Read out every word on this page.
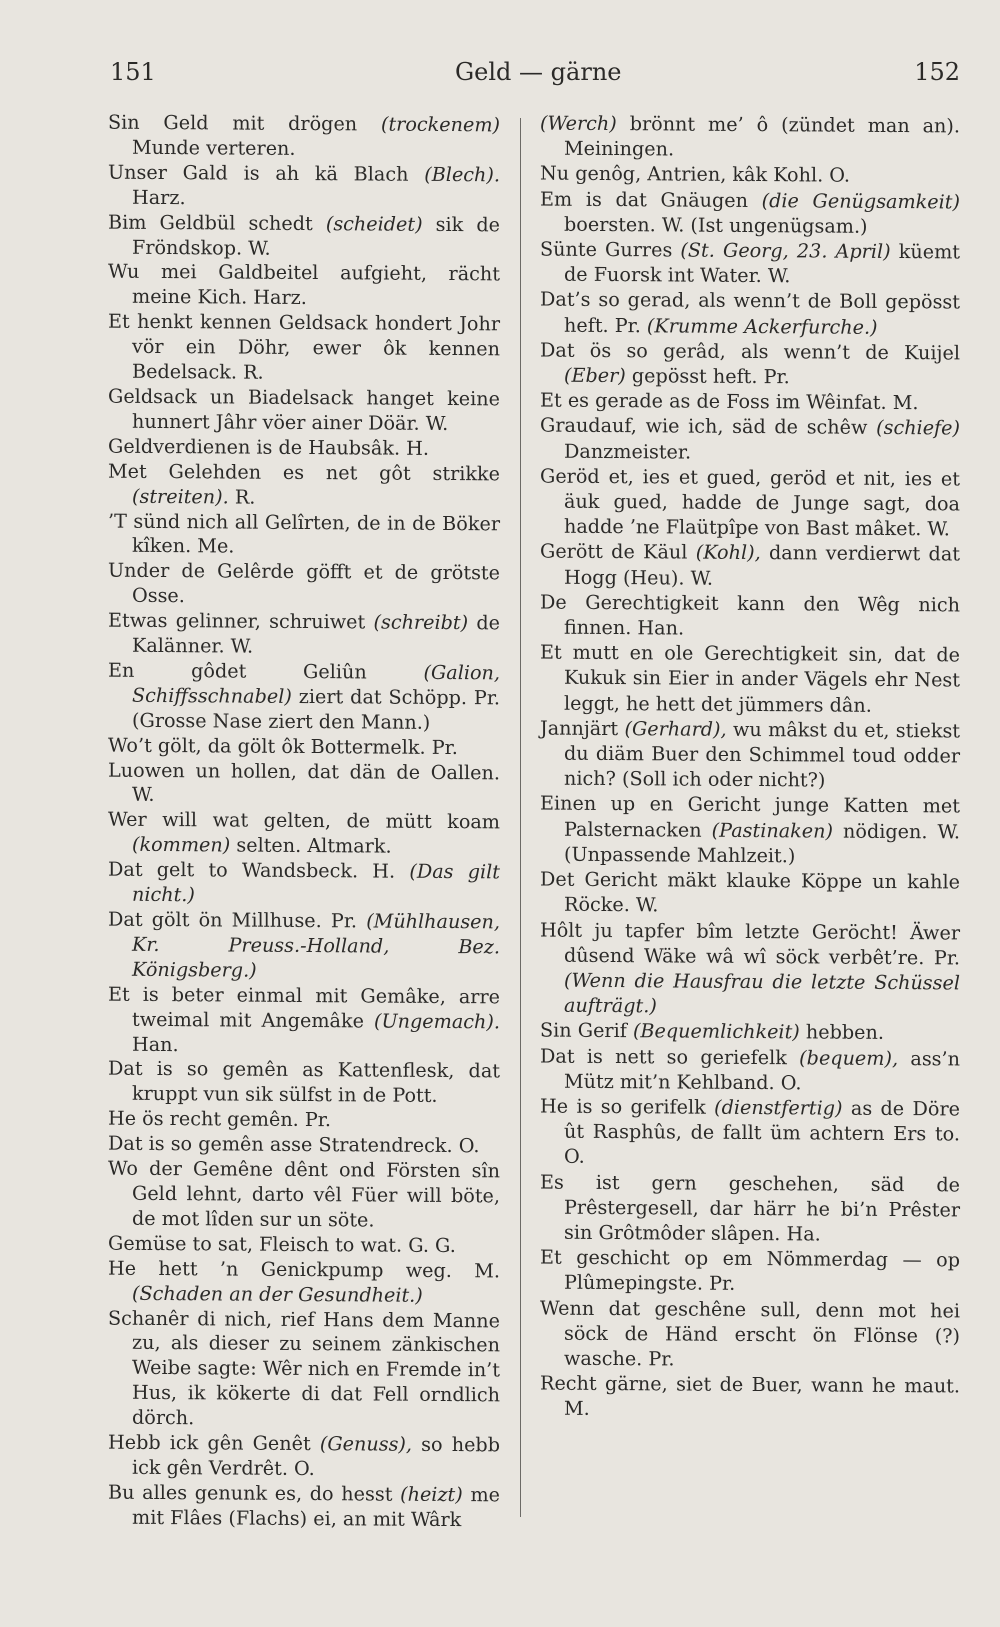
151	Geld — gärne	152

Sin Geld mit drögen (trockenem) Munde verteren.

Unser Gald is ah kä Blach (Blech). Harz.

Bim Geldbül schedt (scheidet) sik de Fröndskop. W.

Wu mei Galdbeitel aufgieht, rächt meine Kich. Harz.

Et henkt kennen Geldsack hondert Johr vör ein Döhr, ewer ôk kennen Bedelsack. R.

Geldsack un Biadelsack hanget keine hunnert Jâhr vöer ainer Döär. W.

Geldverdienen is de Haubsâk. H.

Met Gelehden es net gôt strikke (streiten). R.

’T sünd nich all Gelîrten, de in de Böker kîken. Me.

Under de Gelêrde göfft et de grötste Osse.

Etwas gelinner, schruiwet (schreibt) de Kalänner. W.

En gôdet Geliûn (Galion, Schiffsschnabel) ziert dat Schöpp. Pr. (Grosse Nase ziert den Mann.)

Wo’t gölt, da gölt ôk Bottermelk. Pr.

Luowen un hollen, dat dän de Oallen. W.

Wer will wat gelten, de mütt koam (kommen) selten. Altmark.

Dat gelt to Wandsbeck. H. (Das gilt nicht.)

Dat gölt ön Millhuse. Pr. (Mühlhausen, Kr. Preuss.-Holland, Bez. Königsberg.)

Et is beter einmal mit Gemâke, arre tweimal mit Angemâke (Ungemach). Han.

Dat is so gemên as Kattenflesk, dat kruppt vun sik sülfst in de Pott.

He ös recht gemên. Pr.

Dat is so gemên asse Stratendreck. O.

Wo der Gemêne dênt ond Försten sîn Geld lehnt, darto vêl Füer will böte, de mot lîden sur un söte.

Gemüse to sat, Fleisch to wat. G. G.

He hett ’n Genickpump weg. M. (Schaden an der Gesundheit.)

Schanêr di nich, rief Hans dem Manne zu, als dieser zu seinem zänkischen Weibe sagte: Wêr nich en Fremde in’t Hus, ik kökerte di dat Fell orndlich dörch.

Hebb ick gên Genêt (Genuss), so hebb ick gên Verdrêt. O.

Bu alles genunk es, do hesst (heizt) me mit Flâes (Flachs) ei, an mit Wârk

(Werch) brönnt me’ ô (zündet man an). Meiningen.

Nu genôg, Antrien, kâk Kohl. O.

Em is dat Gnäugen (die Genügsamkeit) boersten. W. (Ist ungenügsam.)

Sünte Gurres (St. Georg, 23. April) küemt de Fuorsk int Water. W.

Dat’s so gerad, als wenn’t de Boll gepösst heft. Pr. (Krumme Ackerfurche.)

Dat ös so gerâd, als wenn’t de Kuijel (Eber) gepösst heft. Pr.

Et es gerade as de Foss im Wêinfat. M.

Graudauf, wie ich, säd de schêw (schiefe) Danzmeister.

Geröd et, ies et gued, geröd et nit, ies et äuk gued, hadde de Junge sagt, doa hadde ’ne Flaütpîpe von Bast mâket. W.

Gerött de Käul (Kohl), dann verdierwt dat Hogg (Heu). W.

De Gerechtigkeit kann den Wêg nich finnen. Han.

Et mutt en ole Gerechtigkeit sin, dat de Kukuk sin Eier in ander Vägels ehr Nest leggt, he hett det jümmers dân.

Jannjärt (Gerhard), wu mâkst du et, stiekst du diäm Buer den Schimmel toud odder nich? (Soll ich oder nicht?)

Einen up en Gericht junge Katten met Palsternacken (Pastinaken) nödigen. W. (Unpassende Mahlzeit.)

Det Gericht mäkt klauke Köppe un kahle Röcke. W.

Hôlt ju tapfer bîm letzte Geröcht! Äwer dûsend Wäke wâ wî söck verbêt’re. Pr. (Wenn die Hausfrau die letzte Schüssel aufträgt.)

Sin Gerif (Bequemlichkeit) hebben.

Dat is nett so geriefelk (bequem), ass’n Mütz mit’n Kehlband. O.

He is so gerifelk (dienstfertig) as de Döre ût Rasphûs, de fallt üm achtern Ers to. O.

Es ist gern geschehen, säd de Prêstergesell, dar härr he bi’n Prêster sin Grôtmôder slâpen. Ha.

Et geschicht op em Nömmerdag — op Plûmepingste. Pr.

Wenn dat geschêne sull, denn mot hei söck de Händ erscht ön Flönse (?) wasche. Pr.

Recht gärne, siet de Buer, wann he maut. M.
